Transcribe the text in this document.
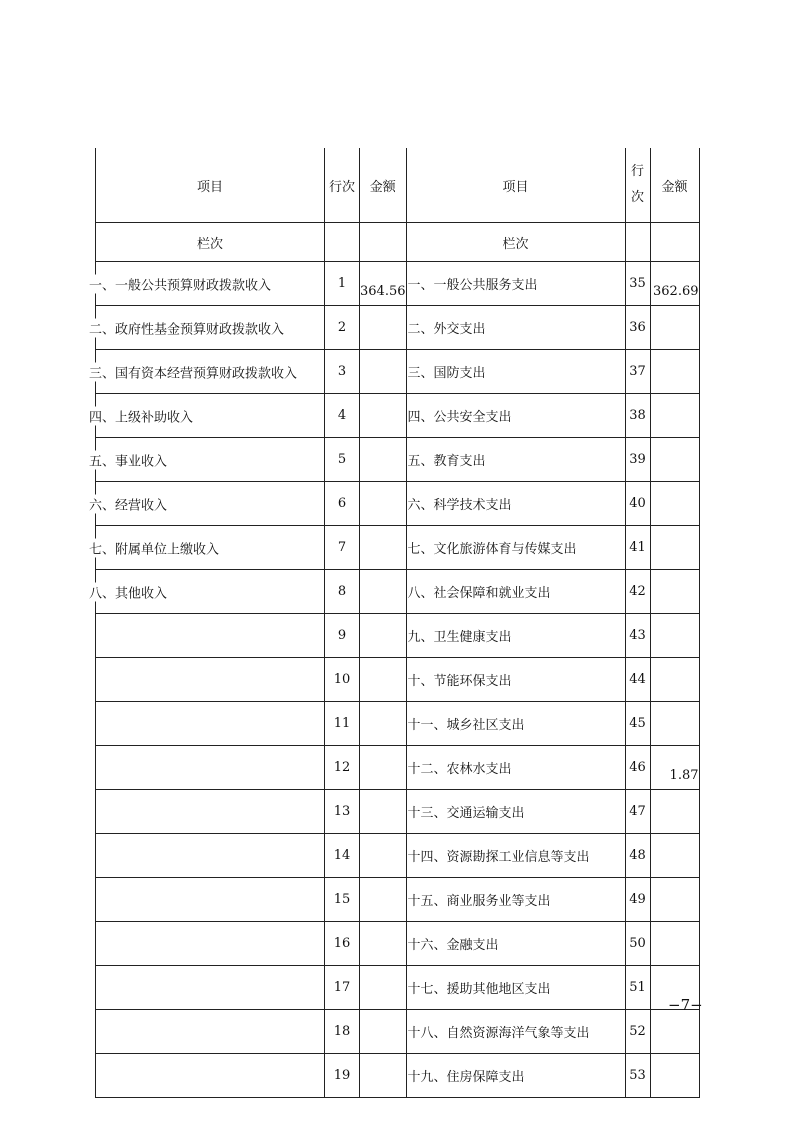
项目	行次	金额	项目	行次	金额
栏次			栏次		

一、一般公共预算财政拨款收入	1	364.56	一、一般公共服务支出	35	362.69

二、政府性基金预算财政拨款收入	2		二、外交支出	36	

三、国有资本经营预算财政拨款收入	3		三、国防支出	37	

四、上级补助收入	4		四、公共安全支出	38	

五、事业收入	5		五、教育支出	39	

六、经营收入	6		六、科学技术支出	40	

七、附属单位上缴收入	7		七、文化旅游体育与传媒支出	41	

八、其他收入	8		八、社会保障和就业支出	42	

	9		九、卫生健康支出	43	

	10		十、节能环保支出	44	

	11		十一、城乡社区支出	45	

	12		十二、农林水支出	46	1.87

	13		十三、交通运输支出	47	

	14		十四、资源勘探工业信息等支出	48	

	15		十五、商业服务业等支出	49	

	16		十六、金融支出	50	

	17		十七、援助其他地区支出	51	

	18		十八、自然资源海洋气象等支出	52	

	19		十九、住房保障支出	53	
−7−
